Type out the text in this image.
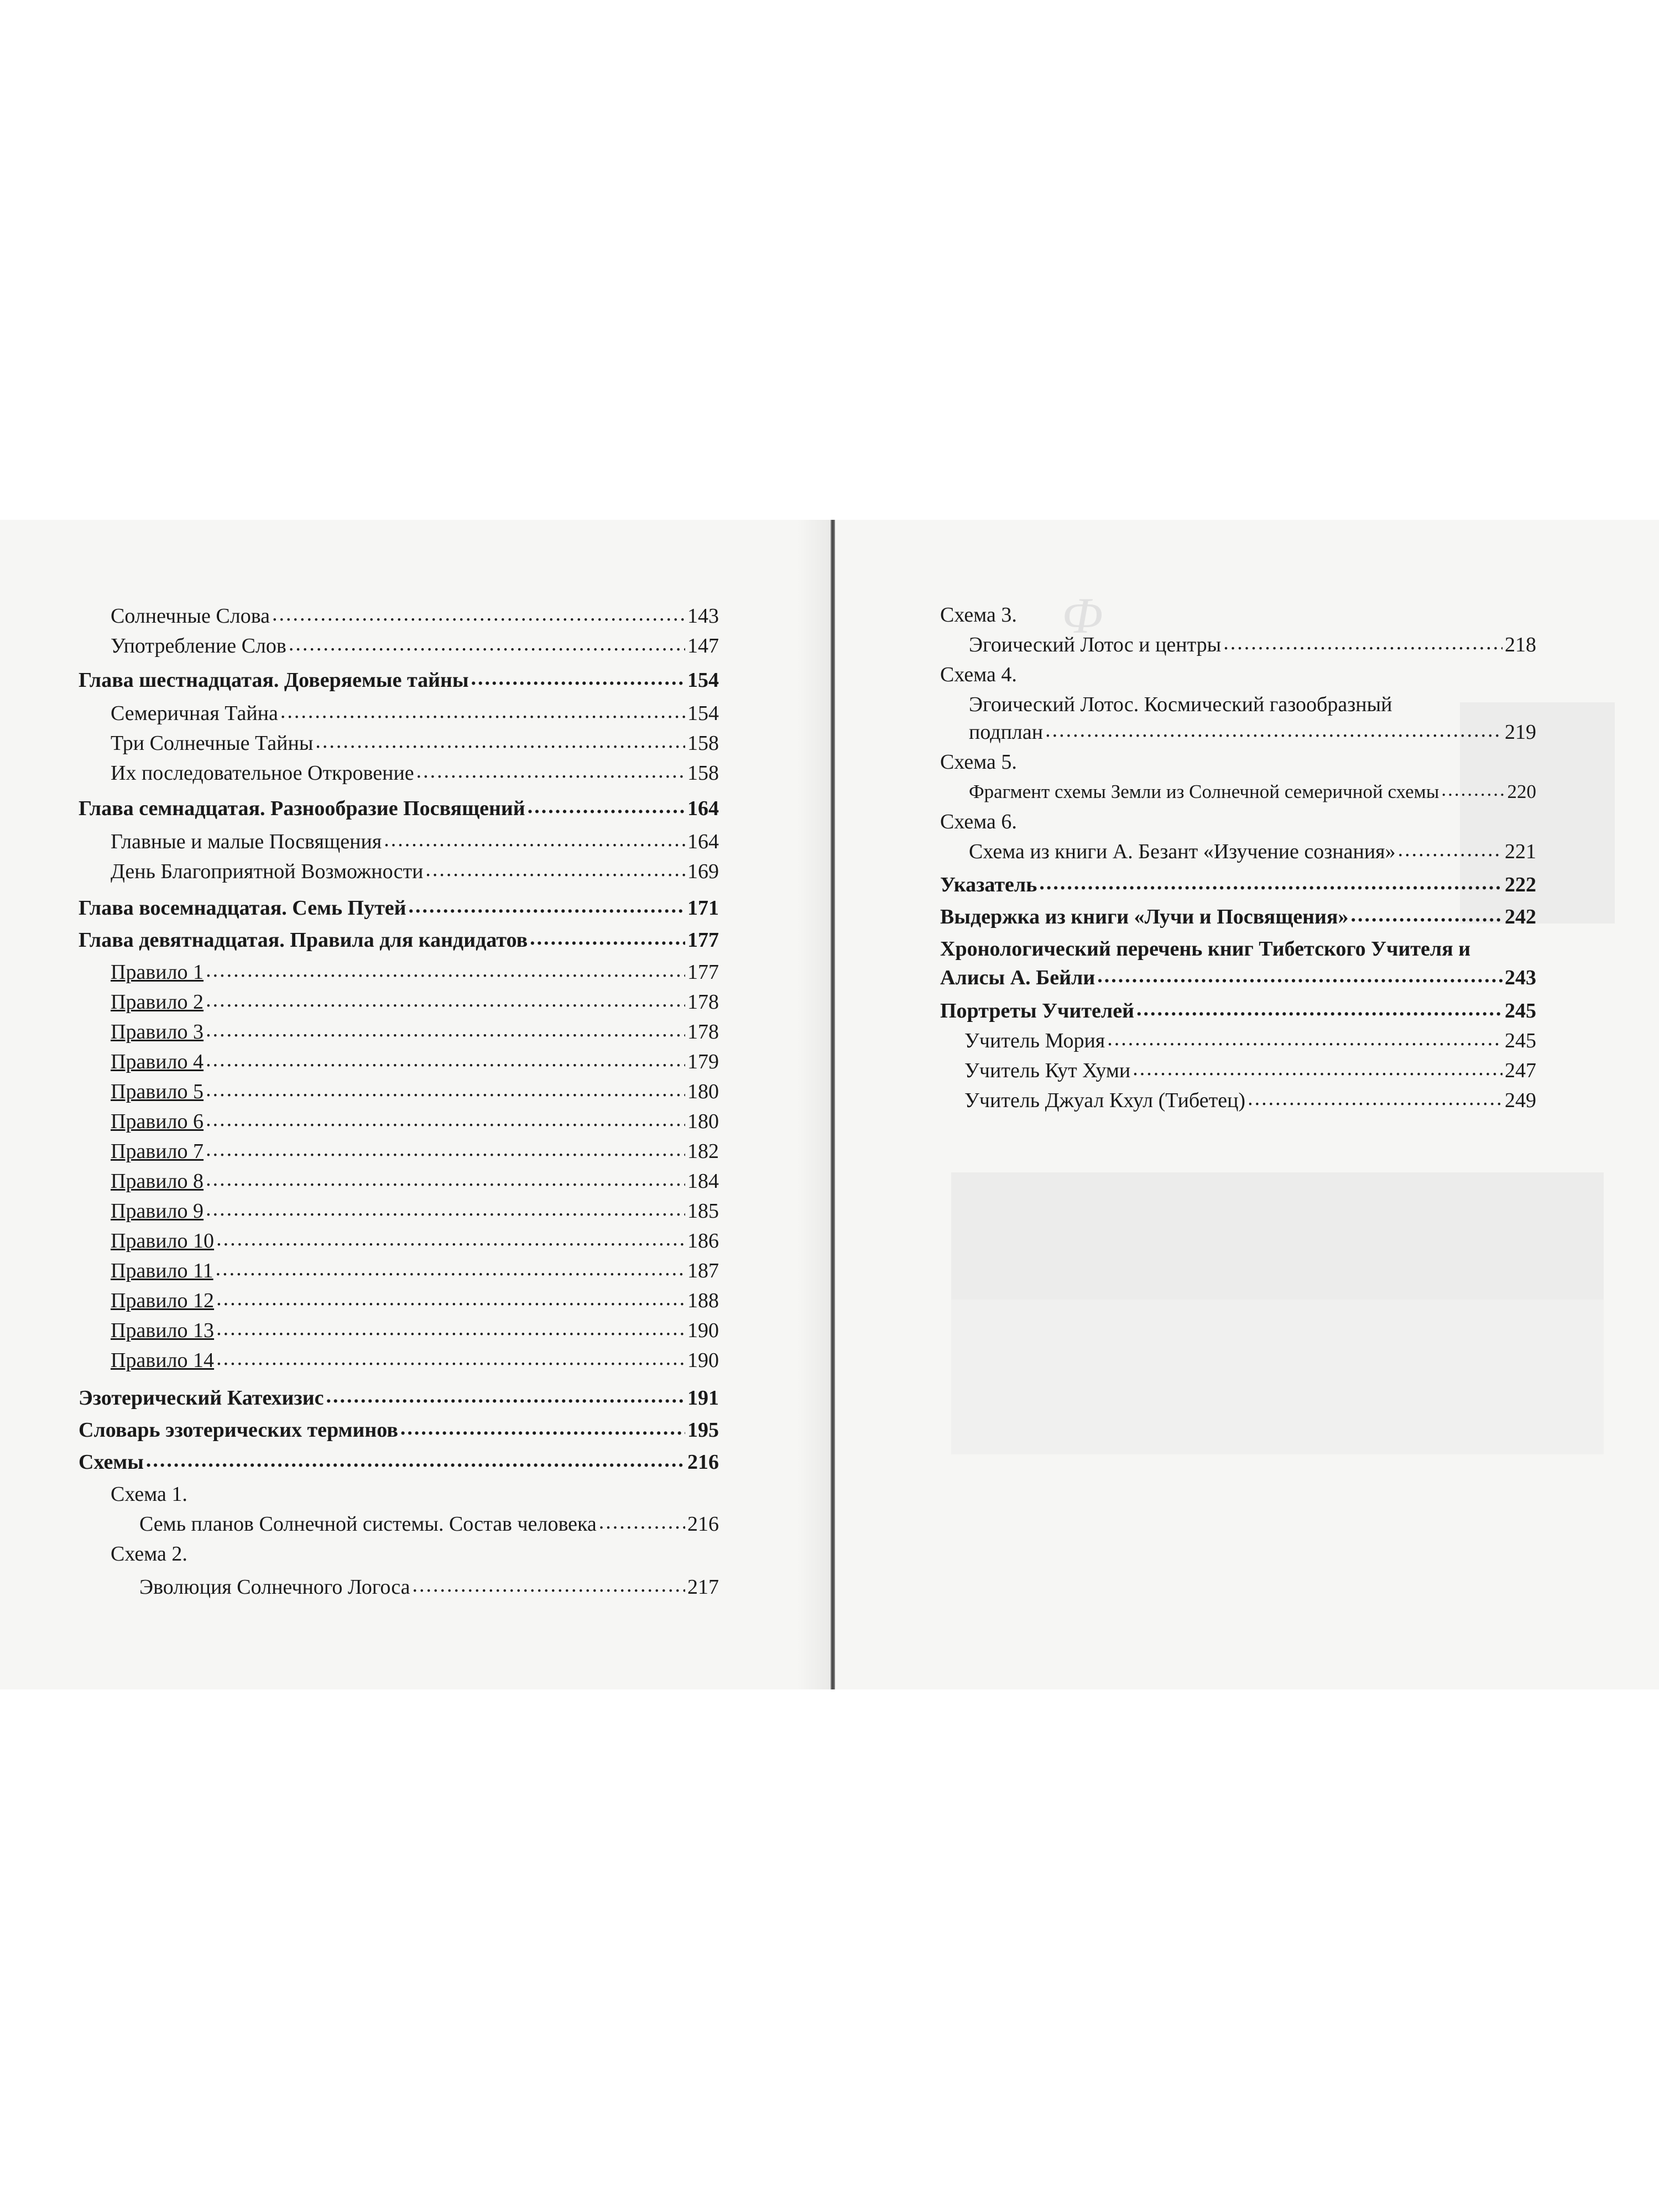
Солнечные Слова .....	143
Употребление Слов .....	147
Глава шестнадцатая. Доверяемые тайны .....	154
Семеричная Тайна .....	154
Три Солнечные Тайны .....	158
Их последовательное Откровение .....	158
Глава семнадцатая. Разнообразие Посвящений .....	164
Главные и малые Посвящения .....	164
День Благоприятной Возможности .....	169
Глава восемнадцатая. Семь Путей .....	171
Глава девятнадцатая. Правила для кандидатов .....	177
Правило 1 .....	177
Правило 2 .....	178
Правило 3 .....	178
Правило 4 .....	179
Правило 5 .....	180
Правило 6 .....	180
Правило 7 .....	182
Правило 8 .....	184
Правило 9 .....	185
Правило 10 .....	186
Правило 11 .....	187
Правило 12 .....	188
Правило 13 .....	190
Правило 14 .....	190
Эзотерический Катехизис .....	191
Словарь эзотерических терминов .....	195
Схемы .....	216
Схема 1.
Семь планов Солнечной системы. Состав человека .....	216
Схема 2.
Эволюция Солнечного Логоса .....	217
Ф
Схема 3.
Эгоический Лотос и центры .....	218
Схема 4.
Эгоический Лотос. Космический газообразный
подплан .....	219
Схема 5.
Фрагмент схемы Земли из Солнечной семеричной схемы .....	220
Схема 6.
Схема из книги А. Безант «Изучение сознания» .....	221
Указатель .....	222
Выдержка из книги «Лучи и Посвящения» .....	242
Хронологический перечень книг Тибетского Учителя и
Алисы А. Бейли .....	243
Портреты Учителей .....	245
Учитель Мория .....	245
Учитель Кут Хуми .....	247
Учитель Джуал Кхул (Тибетец) .....	249
